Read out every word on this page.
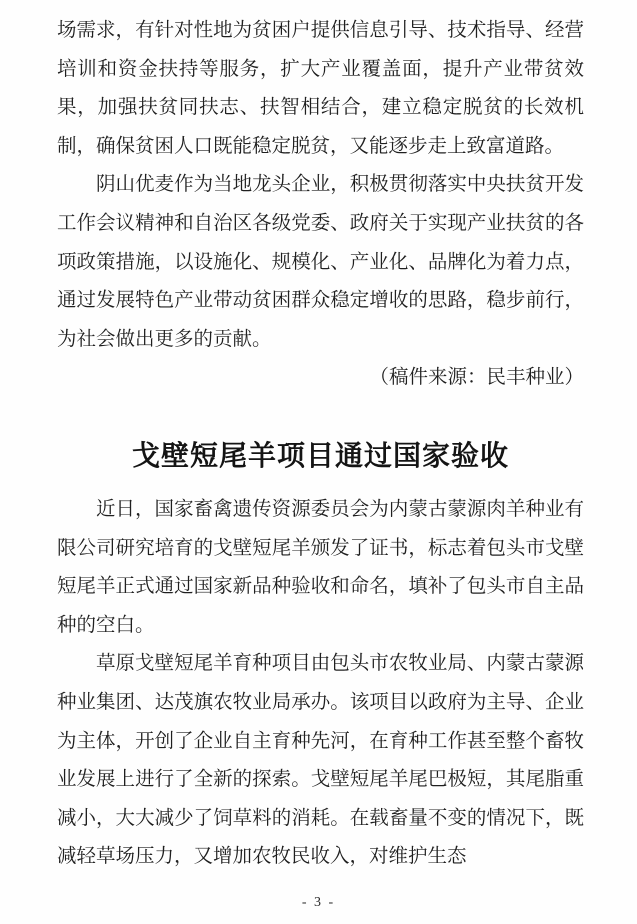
场需求，有针对性地为贫困户提供信息引导、技术指导、经营培训和资金扶持等服务，扩大产业覆盖面，提升产业带贫效果，加强扶贫同扶志、扶智相结合，建立稳定脱贫的长效机制，确保贫困人口既能稳定脱贫，又能逐步走上致富道路。

阴山优麦作为当地龙头企业，积极贯彻落实中央扶贫开发工作会议精神和自治区各级党委、政府关于实现产业扶贫的各项政策措施，以设施化、规模化、产业化、品牌化为着力点，通过发展特色产业带动贫困群众稳定增收的思路，稳步前行，为社会做出更多的贡献。

（稿件来源：民丰种业）

戈壁短尾羊项目通过国家验收

近日，国家畜禽遗传资源委员会为内蒙古蒙源肉羊种业有限公司研究培育的戈壁短尾羊颁发了证书，标志着包头市戈壁短尾羊正式通过国家新品种验收和命名，填补了包头市自主品种的空白。

草原戈壁短尾羊育种项目由包头市农牧业局、内蒙古蒙源种业集团、达茂旗农牧业局承办。该项目以政府为主导、企业为主体，开创了企业自主育种先河，在育种工作甚至整个畜牧业发展上进行了全新的探索。戈壁短尾羊尾巴极短，其尾脂重减小，大大减少了饲草料的消耗。在载畜量不变的情况下，既减轻草场压力，又增加农牧民收入，对维护生态

- 3 -
